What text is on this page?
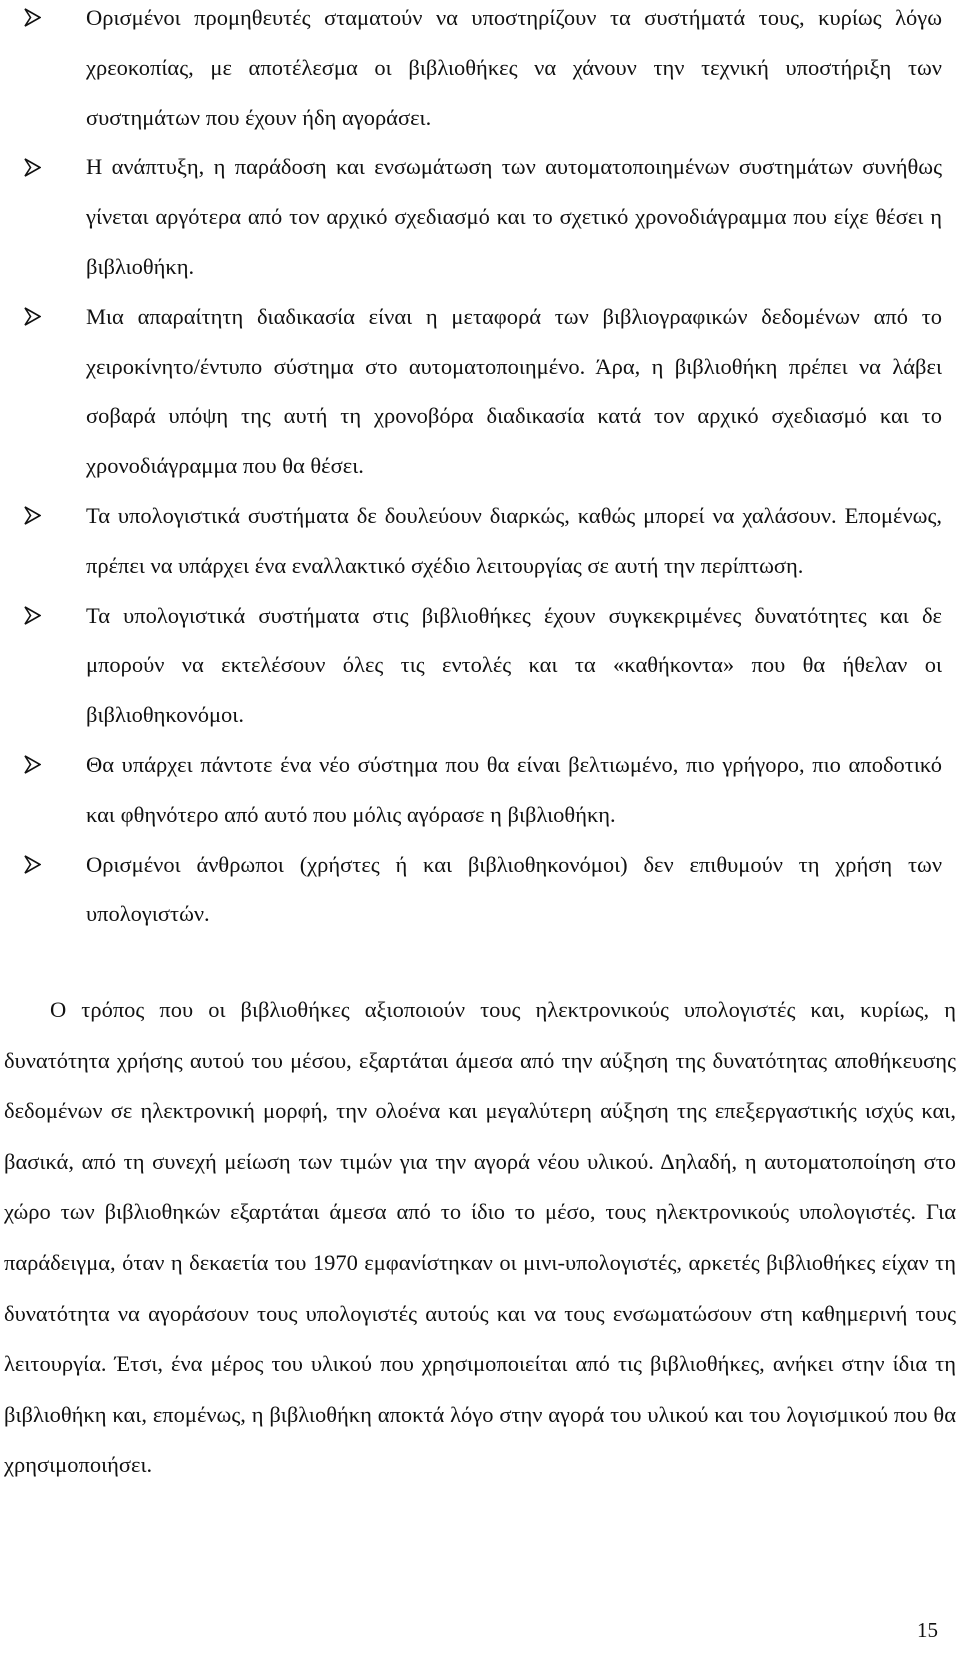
Ορισμένοι προμηθευτές σταματούν να υποστηρίζουν τα συστήματά τους, κυρίως λόγω χρεοκοπίας, με αποτέλεσμα οι βιβλιοθήκες να χάνουν την τεχνική υποστήριξη των συστημάτων που έχουν ήδη αγοράσει.
Η ανάπτυξη, η παράδοση και ενσωμάτωση των αυτοματοποιημένων συστημάτων συνήθως γίνεται αργότερα από τον αρχικό σχεδιασμό και το σχετικό χρονοδιάγραμμα που είχε θέσει η βιβλιοθήκη.
Μια απαραίτητη διαδικασία είναι η μεταφορά των βιβλιογραφικών δεδομένων από το χειροκίνητο/έντυπο σύστημα στο αυτοματοποιημένο. Άρα, η βιβλιοθήκη πρέπει να λάβει σοβαρά υπόψη της αυτή τη χρονοβόρα διαδικασία κατά τον αρχικό σχεδιασμό και το χρονοδιάγραμμα που θα θέσει.
Τα υπολογιστικά συστήματα δε δουλεύουν διαρκώς, καθώς μπορεί να χαλάσουν. Επομένως, πρέπει να υπάρχει ένα εναλλακτικό σχέδιο λειτουργίας σε αυτή την περίπτωση.
Τα υπολογιστικά συστήματα στις βιβλιοθήκες έχουν συγκεκριμένες δυνατότητες και δε μπορούν να εκτελέσουν όλες τις εντολές και τα «καθήκοντα» που θα ήθελαν οι βιβλιοθηκονόμοι.
Θα υπάρχει πάντοτε ένα νέο σύστημα που θα είναι βελτιωμένο, πιο γρήγορο, πιο αποδοτικό και φθηνότερο από αυτό που μόλις αγόρασε η βιβλιοθήκη.
Ορισμένοι άνθρωποι (χρήστες ή και βιβλιοθηκονόμοι) δεν επιθυμούν τη χρήση των υπολογιστών.

Ο τρόπος που οι βιβλιοθήκες αξιοποιούν τους ηλεκτρονικούς υπολογιστές και, κυρίως, η δυνατότητα χρήσης αυτού του μέσου, εξαρτάται άμεσα από την αύξηση της δυνατότητας αποθήκευσης δεδομένων σε ηλεκτρονική μορφή, την ολοένα και μεγαλύτερη αύξηση της επεξεργαστικής ισχύς και, βασικά, από τη συνεχή μείωση των τιμών για την αγορά νέου υλικού. Δηλαδή, η αυτοματοποίηση στο χώρο των βιβλιοθηκών εξαρτάται άμεσα από το ίδιο το μέσο, τους ηλεκτρονικούς υπολογιστές. Για παράδειγμα, όταν η δεκαετία του 1970 εμφανίστηκαν οι μινι-υπολογιστές, αρκετές βιβλιοθήκες είχαν τη δυνατότητα να αγοράσουν τους υπολογιστές αυτούς και να τους ενσωματώσουν στη καθημερινή τους λειτουργία. Έτσι, ένα μέρος του υλικού που χρησιμοποιείται από τις βιβλιοθήκες, ανήκει στην ίδια τη βιβλιοθήκη και, επομένως, η βιβλιοθήκη αποκτά λόγο στην αγορά του υλικού και του λογισμικού που θα χρησιμοποιήσει.

15
